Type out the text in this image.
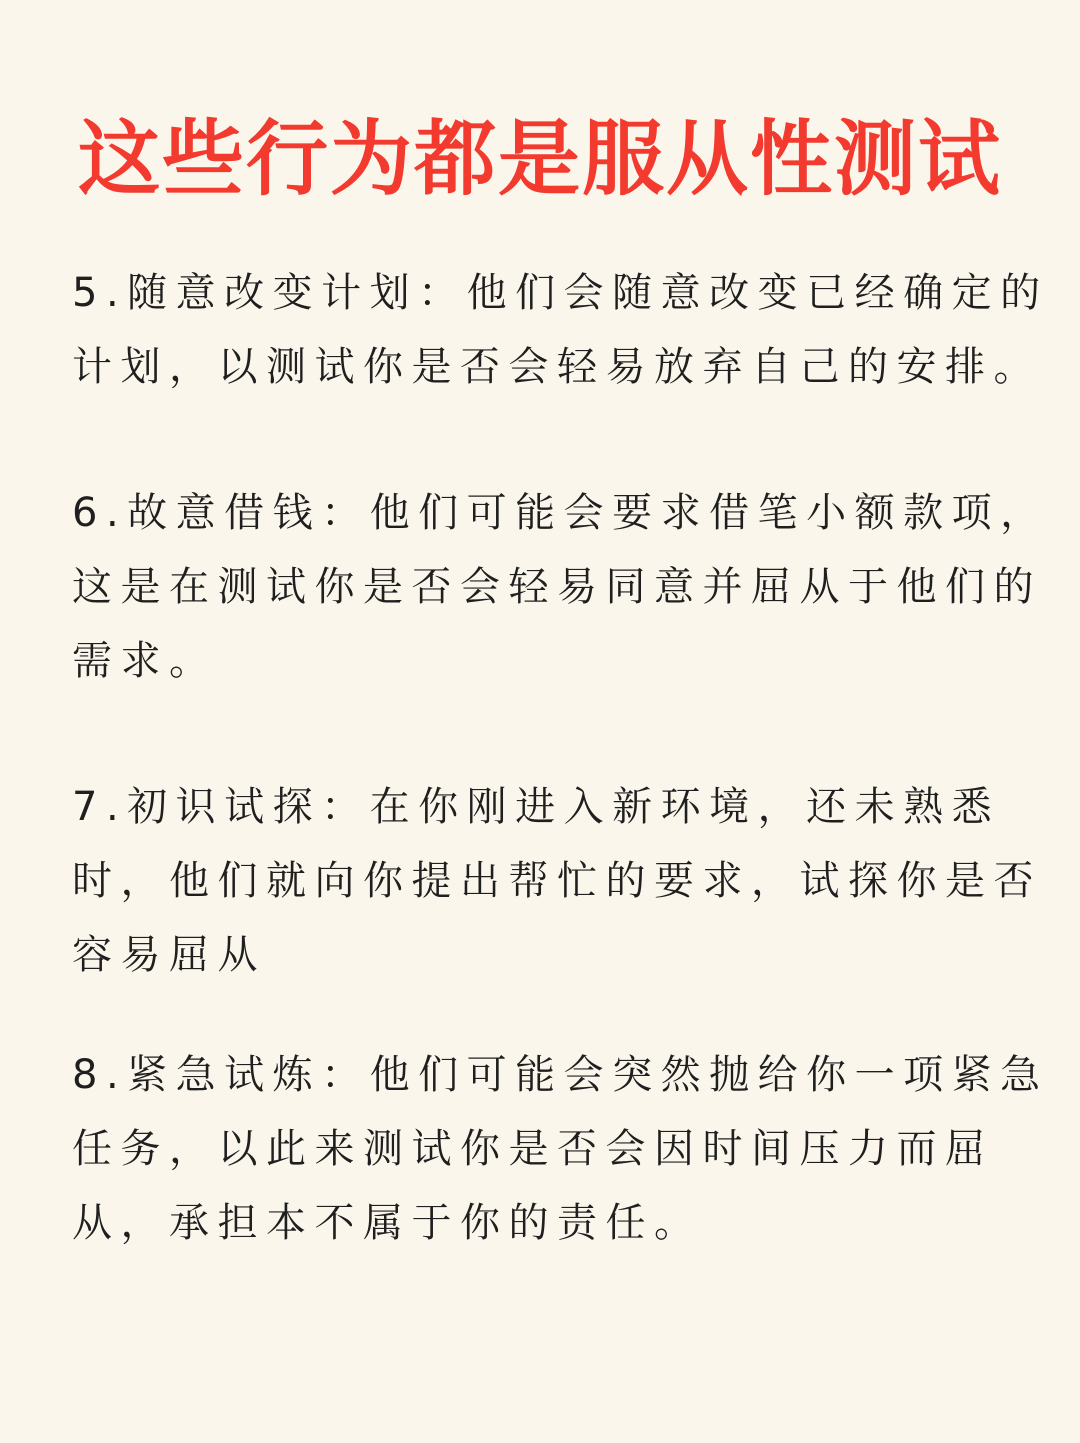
这些行为都是服从性测试

5.随意改变计划：他们会随意改变已经确定的计划，以测试你是否会轻易放弃自己的安排。

6.故意借钱：他们可能会要求借笔小额款项，这是在测试你是否会轻易同意并屈从于他们的需求。

7.初识试探：在你刚进入新环境，还未熟悉时，他们就向你提出帮忙的要求，试探你是否容易屈从

8.紧急试炼：他们可能会突然抛给你一项紧急任务，以此来测试你是否会因时间压力而屈从，承担本不属于你的责任。
